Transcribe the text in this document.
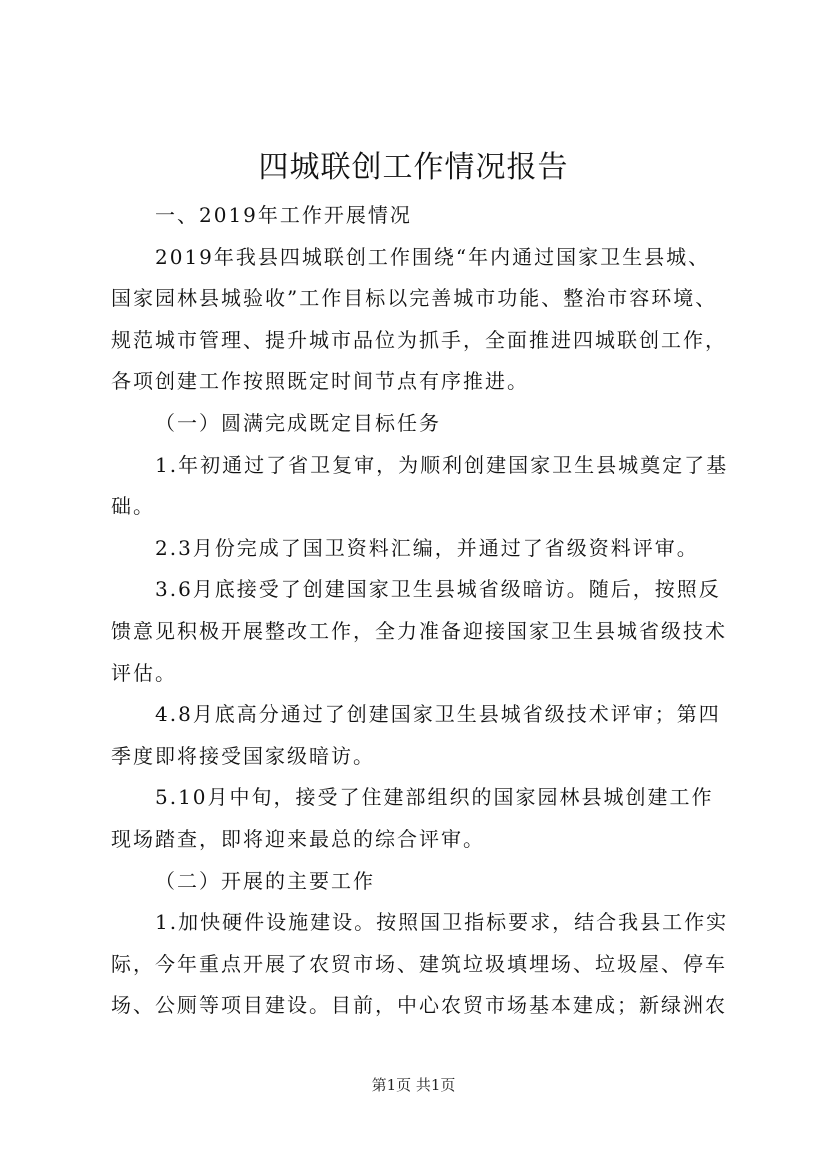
四城联创工作情况报告
一、2019年工作开展情况
2019年我县四城联创工作围绕“年内通过国家卫生县城、
国家园林县城验收”工作目标以完善城市功能、整治市容环境、
规范城市管理、提升城市品位为抓手，全面推进四城联创工作，
各项创建工作按照既定时间节点有序推进。
（一）圆满完成既定目标任务
1.年初通过了省卫复审，为顺利创建国家卫生县城奠定了基
础。
2.3月份完成了国卫资料汇编，并通过了省级资料评审。
3.6月底接受了创建国家卫生县城省级暗访。随后，按照反
馈意见积极开展整改工作，全力准备迎接国家卫生县城省级技术
评估。
4.8月底高分通过了创建国家卫生县城省级技术评审；第四
季度即将接受国家级暗访。
5.10月中旬，接受了住建部组织的国家园林县城创建工作
现场踏查，即将迎来最总的综合评审。
（二）开展的主要工作
1.加快硬件设施建设。按照国卫指标要求，结合我县工作实
际，今年重点开展了农贸市场、建筑垃圾填埋场、垃圾屋、停车
场、公厕等项目建设。目前，中心农贸市场基本建成；新绿洲农
第1页 共1页
